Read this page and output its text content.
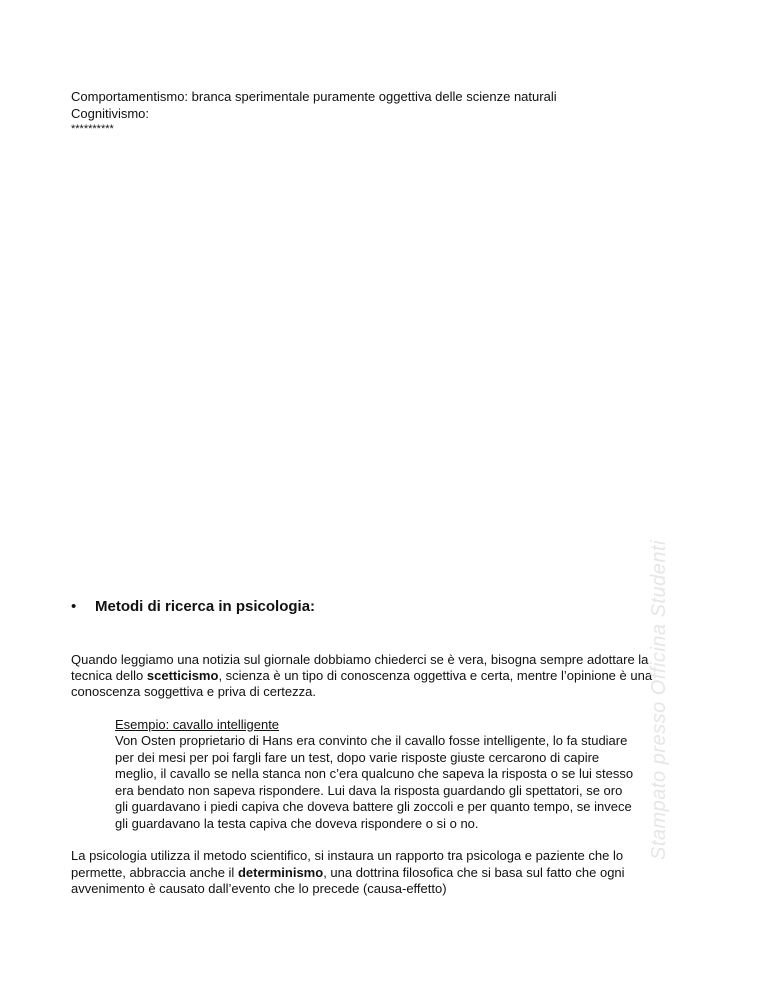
Comportamentismo: branca sperimentale puramente oggettiva delle scienze naturali
Cognitivismo:
**********
• Metodi di ricerca in psicologia:
Quando leggiamo una notizia sul giornale dobbiamo chiederci se è vera, bisogna sempre adottare la
tecnica dello scetticismo, scienza è un tipo di conoscenza oggettiva e certa, mentre l’opinione è una
conoscenza soggettiva e priva di certezza.
Esempio: cavallo intelligente
Von Osten proprietario di Hans era convinto che il cavallo fosse intelligente, lo fa studiare
per dei mesi per poi fargli fare un test, dopo varie risposte giuste cercarono di capire
meglio, il cavallo se nella stanca non c’era qualcuno che sapeva la risposta o se lui stesso
era bendato non sapeva rispondere. Lui dava la risposta guardando gli spettatori, se oro
gli guardavano i piedi capiva che doveva battere gli zoccoli e per quanto tempo, se invece
gli guardavano la testa capiva che doveva rispondere o si o no.
La psicologia utilizza il metodo scientifico, si instaura un rapporto tra psicologa e paziente che lo
permette, abbraccia anche il determinismo, una dottrina filosofica che si basa sul fatto che ogni
avvenimento è causato dall’evento che lo precede (causa-effetto)
Stampato presso Officina Studenti
